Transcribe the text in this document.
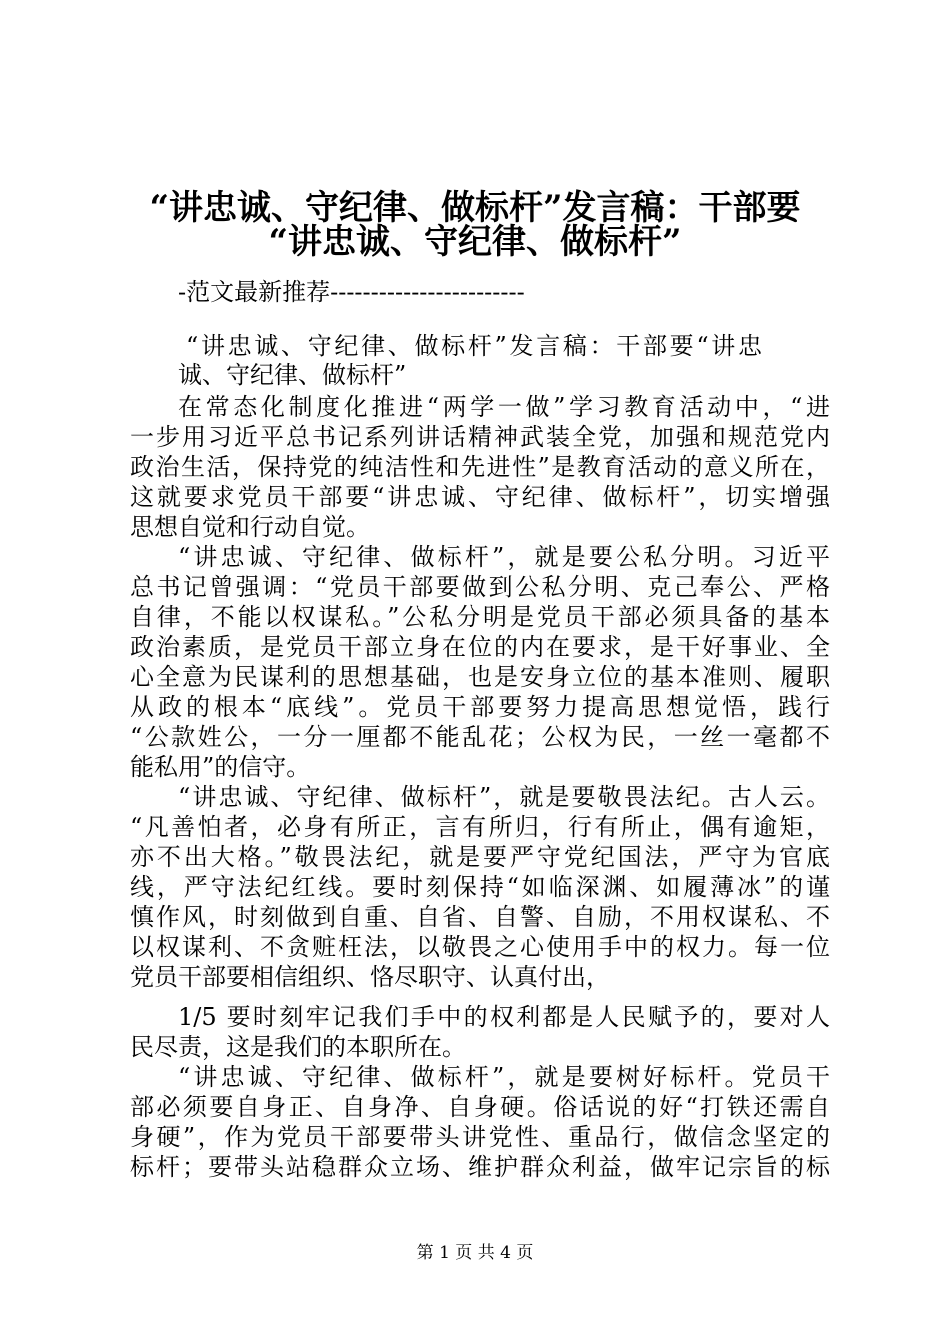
“讲忠诚、守纪律、做标杆”发言稿：干部要
“讲忠诚、守纪律、做标杆”
-范文最新推荐------------------------
“讲忠诚、守纪律、做标杆”发言稿：干部要“讲忠
诚、守纪律、做标杆”
在常态化制度化推进“两学一做”学习教育活动中，“进
一步用习近平总书记系列讲话精神武装全党，加强和规范党内
政治生活，保持党的纯洁性和先进性”是教育活动的意义所在，
这就要求党员干部要“讲忠诚、守纪律、做标杆”，切实增强
思想自觉和行动自觉。
“讲忠诚、守纪律、做标杆”，就是要公私分明。习近平
总书记曾强调：“党员干部要做到公私分明、克己奉公、严格
自律，不能以权谋私。”公私分明是党员干部必须具备的基本
政治素质，是党员干部立身在位的内在要求，是干好事业、全
心全意为民谋利的思想基础，也是安身立位的基本准则、履职
从政的根本“底线”。党员干部要努力提高思想觉悟，践行
“公款姓公，一分一厘都不能乱花；公权为民，一丝一毫都不
能私用”的信守。
“讲忠诚、守纪律、做标杆”，就是要敬畏法纪。古人云。
“凡善怕者，必身有所正，言有所归，行有所止，偶有逾矩，
亦不出大格。”敬畏法纪，就是要严守党纪国法，严守为官底
线，严守法纪红线。要时刻保持“如临深渊、如履薄冰”的谨
慎作风，时刻做到自重、自省、自警、自励，不用权谋私、不
以权谋利、不贪赃枉法，以敬畏之心使用手中的权力。每一位
党员干部要相信组织、恪尽职守、认真付出，
1/5 要时刻牢记我们手中的权利都是人民赋予的，要对人
民尽责，这是我们的本职所在。
“讲忠诚、守纪律、做标杆”，就是要树好标杆。党员干
部必须要自身正、自身净、自身硬。俗话说的好“打铁还需自
身硬”，作为党员干部要带头讲党性、重品行，做信念坚定的
标杆；要带头站稳群众立场、维护群众利益，做牢记宗旨的标
第 1 页 共 4 页
